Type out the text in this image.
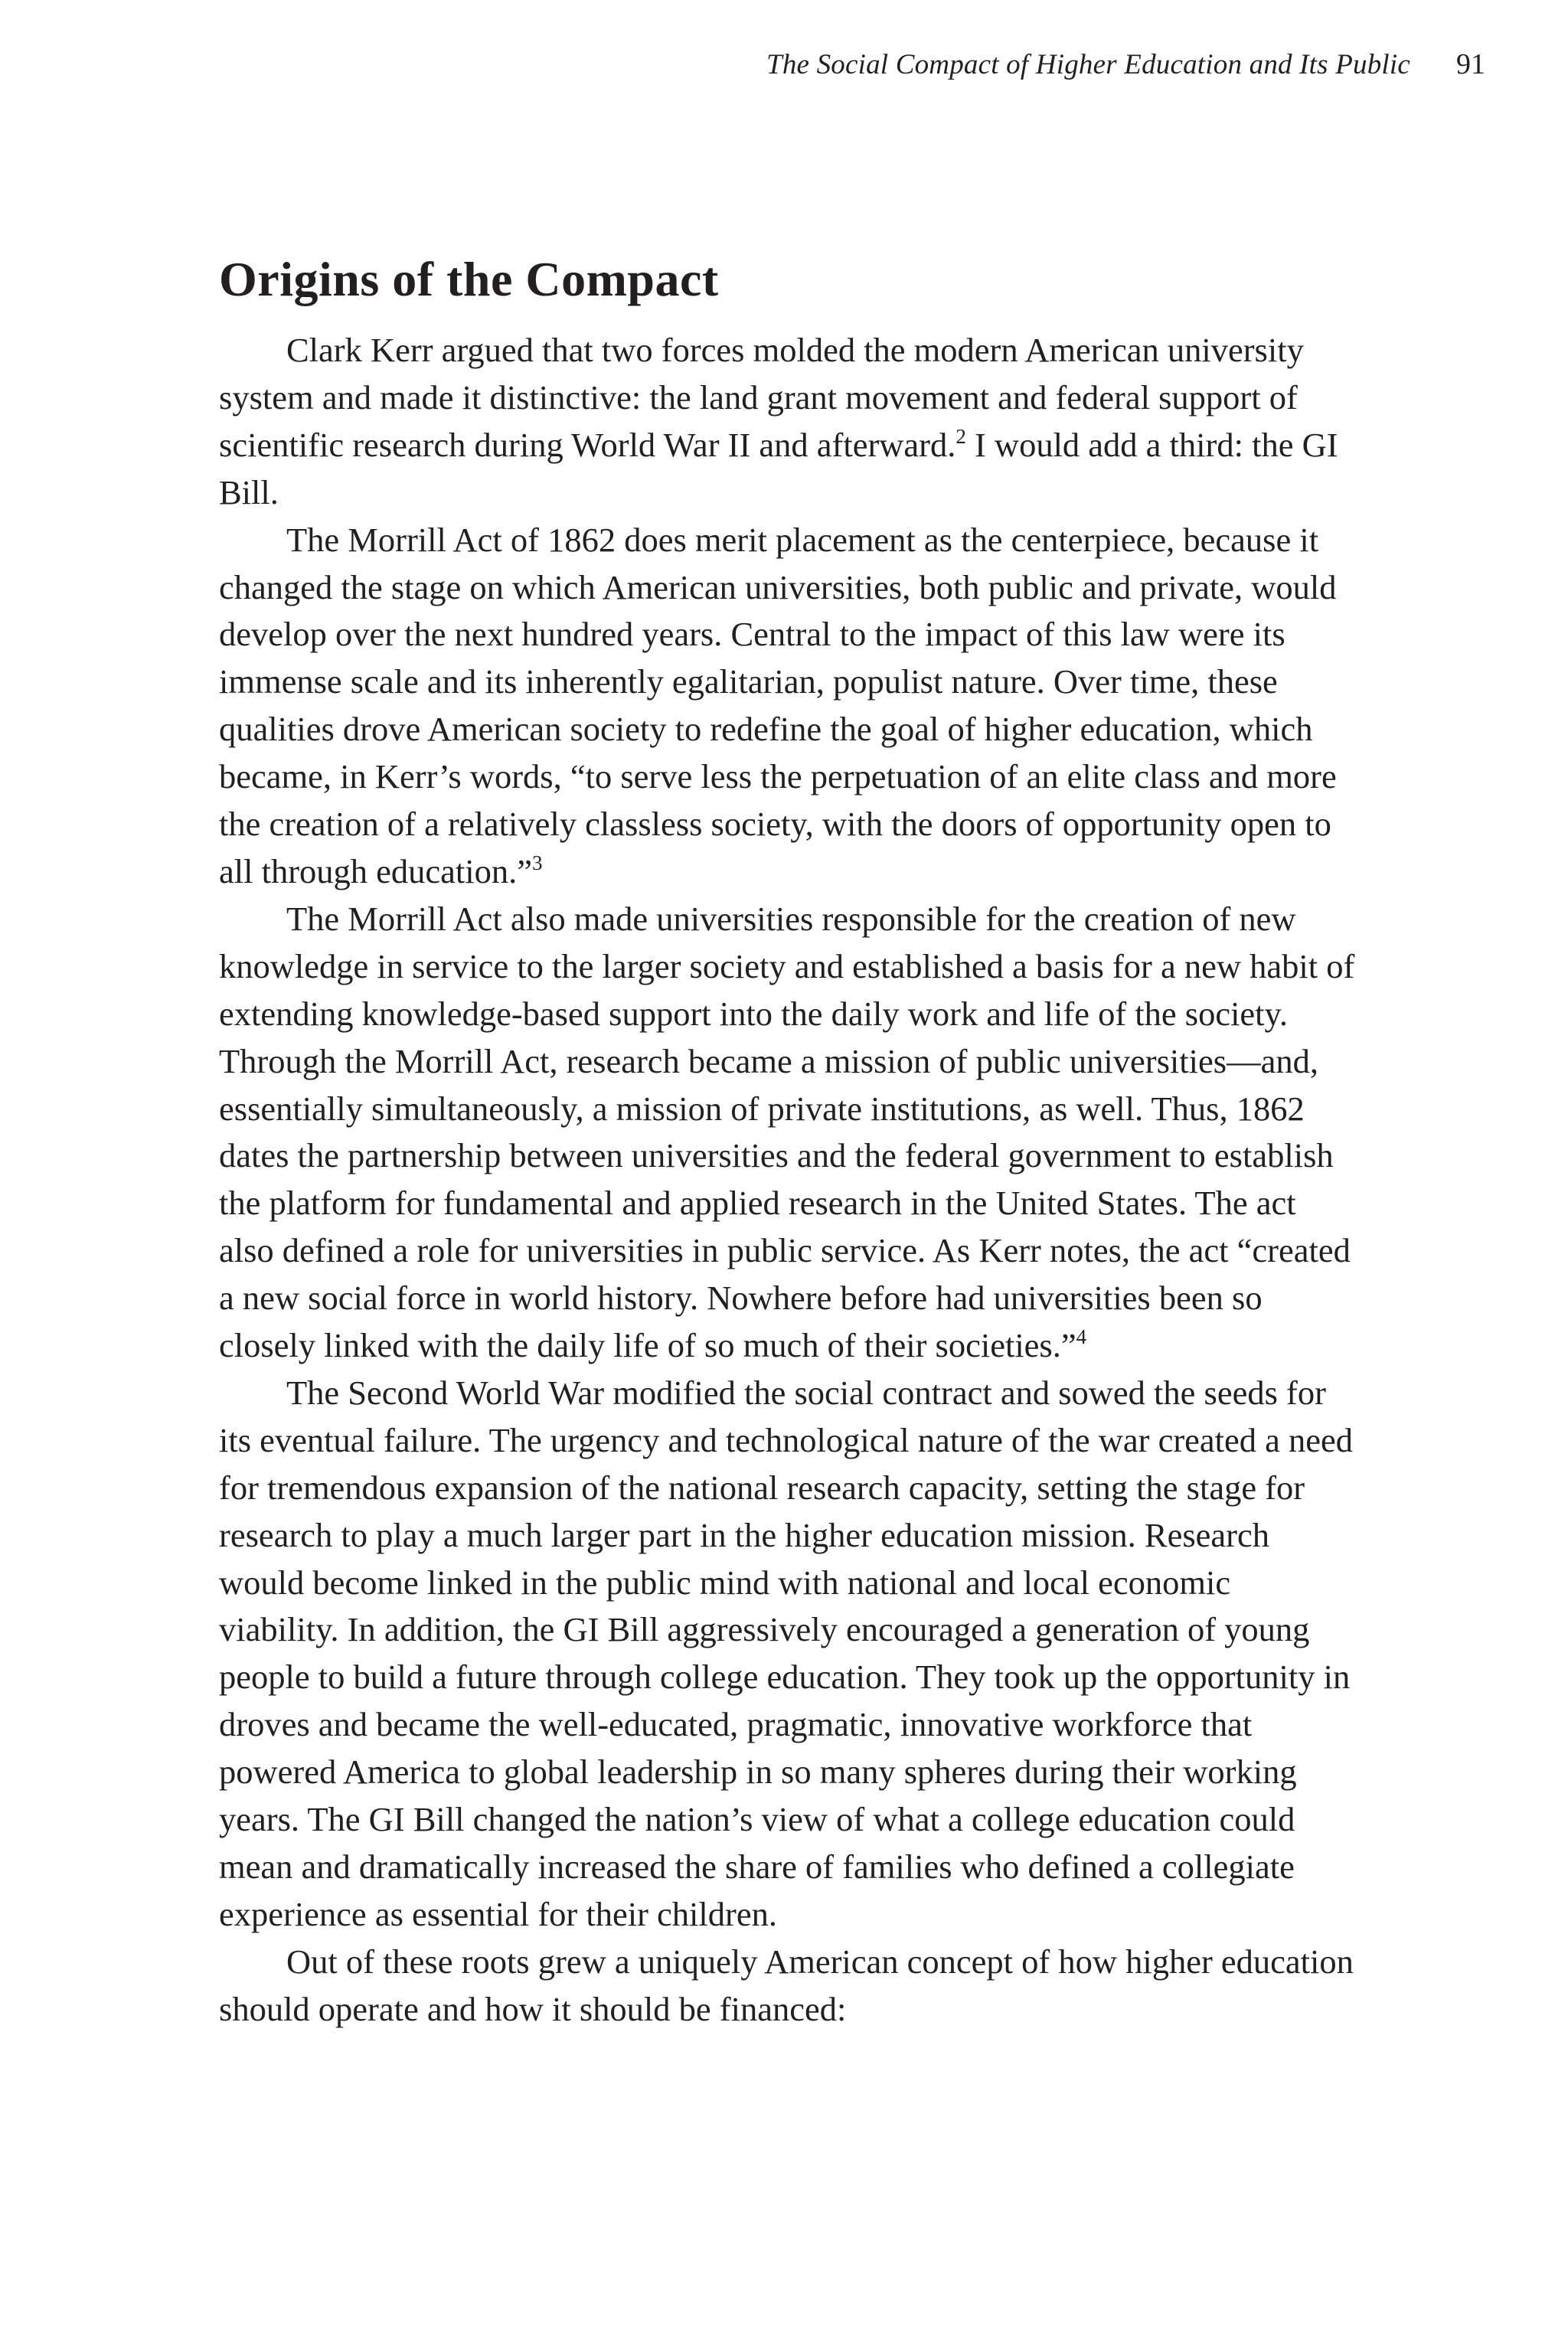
The Social Compact of Higher Education and Its Public 91
Origins of the Compact

Clark Kerr argued that two forces molded the modern American university system and made it distinctive: the land grant movement and federal support of scientific research during World War II and afterward.$^2$ I would add a third: the GI Bill.

The Morrill Act of 1862 does merit placement as the centerpiece, because it changed the stage on which American universities, both public and private, would develop over the next hundred years. Central to the impact of this law were its immense scale and its inherently egalitarian, populist nature. Over time, these qualities drove American society to redefine the goal of higher education, which became, in Kerr’s words, “to serve less the perpetuation of an elite class and more the creation of a relatively classless society, with the doors of opportunity open to all through education.”$^3$

The Morrill Act also made universities responsible for the creation of new knowledge in service to the larger society and established a basis for a new habit of extending knowledge-based support into the daily work and life of the society. Through the Morrill Act, research became a mission of public universities—and, essentially simultaneously, a mission of private institutions, as well. Thus, 1862 dates the partnership between universities and the federal government to establish the platform for fundamental and applied research in the United States. The act also defined a role for universities in public service. As Kerr notes, the act “created a new social force in world history. Nowhere before had universities been so closely linked with the daily life of so much of their societies.”$^4$

The Second World War modified the social contract and sowed the seeds for its eventual failure. The urgency and technological nature of the war created a need for tremendous expansion of the national research capacity, setting the stage for research to play a much larger part in the higher education mission. Research would become linked in the public mind with national and local economic viability. In addition, the GI Bill aggressively encouraged a generation of young people to build a future through college education. They took up the opportunity in droves and became the well-educated, pragmatic, innovative workforce that powered America to global leadership in so many spheres during their working years. The GI Bill changed the nation’s view of what a college education could mean and dramatically increased the share of families who defined a collegiate experience as essential for their children.

Out of these roots grew a uniquely American concept of how higher education should operate and how it should be financed:
